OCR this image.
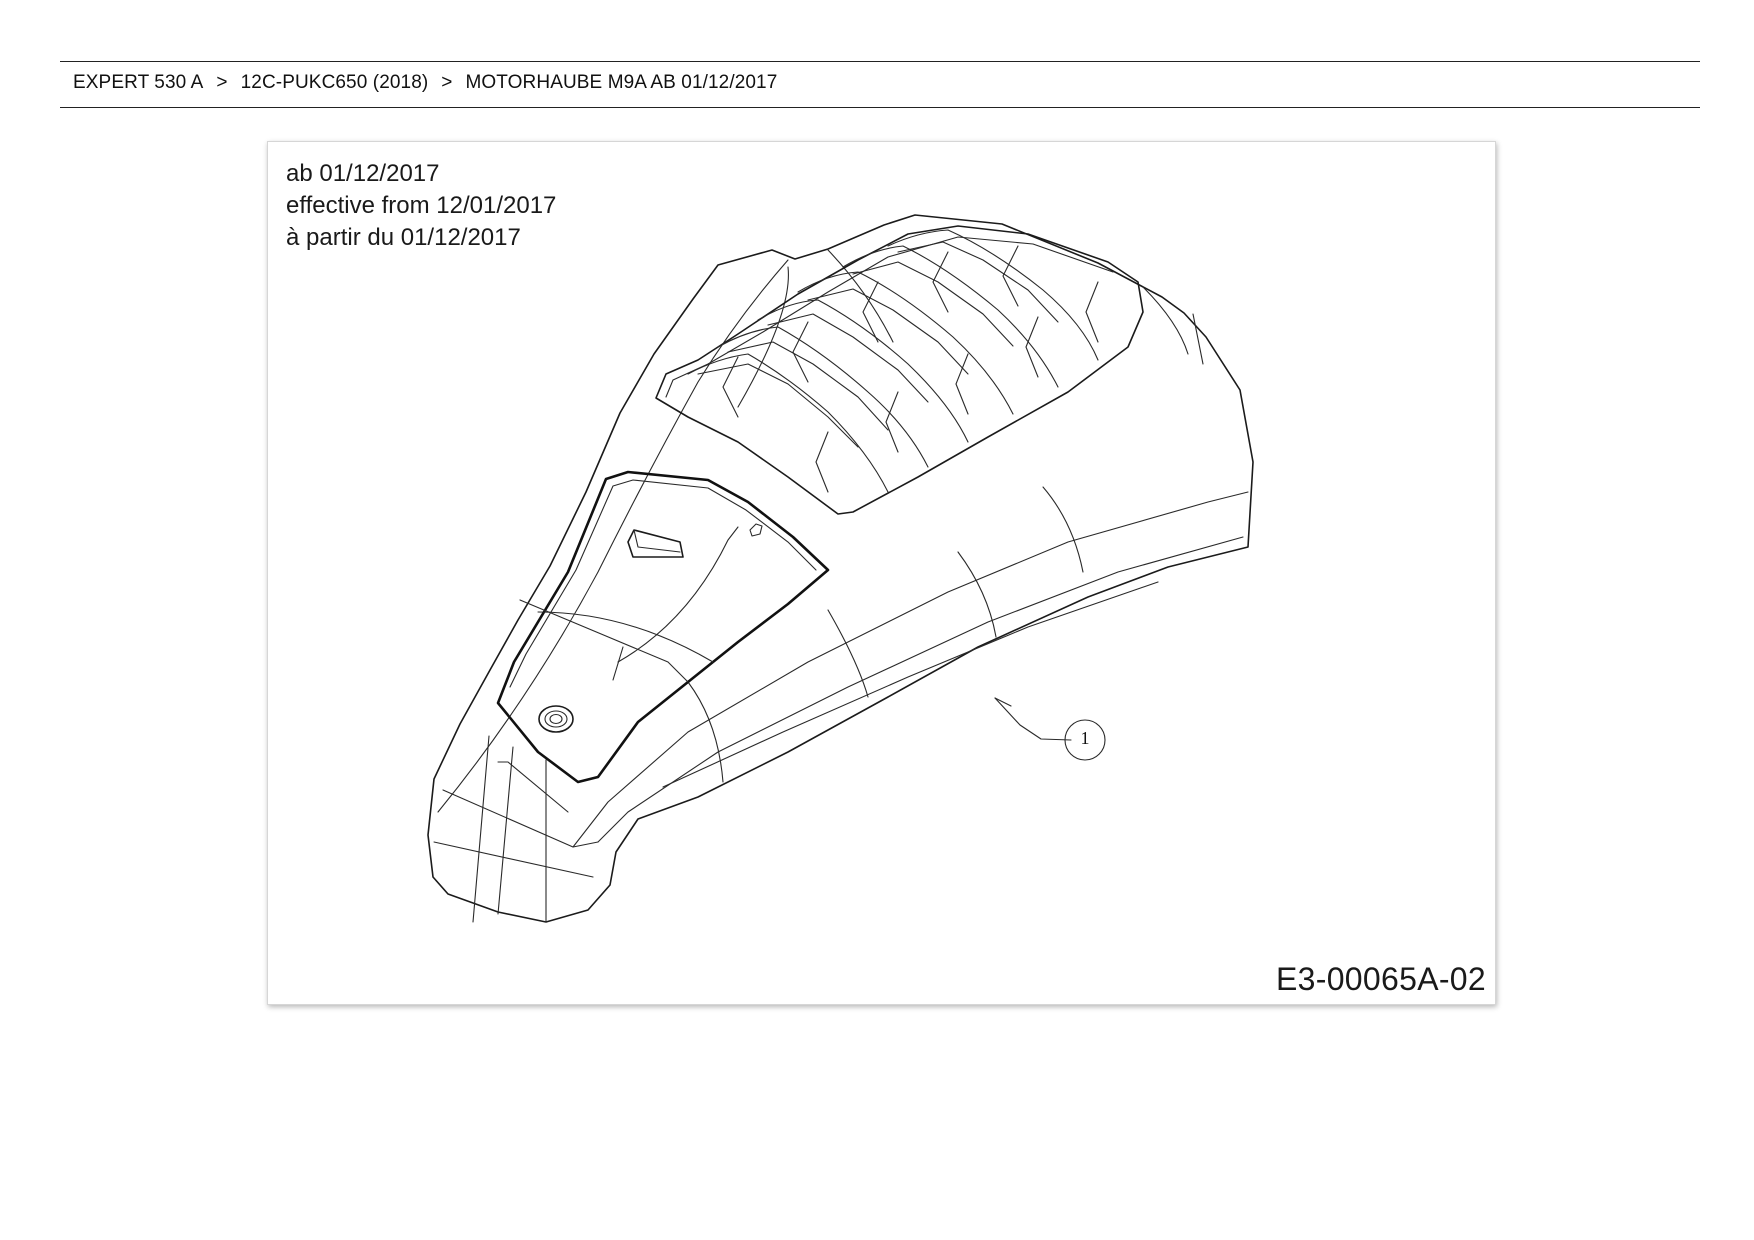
EXPERT 530 A > 12C-PUKC650 (2018) > MOTORHAUBE M9A AB 01/12/2017
ab 01/12/2017
effective from 12/01/2017
à partir du 01/12/2017
1
E3-00065A-02
